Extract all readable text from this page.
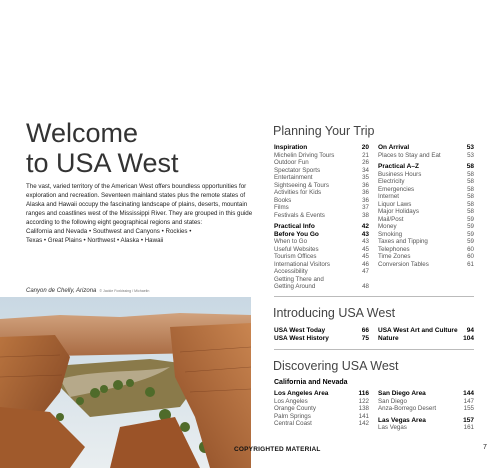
Welcome
to USA West
The vast, varied territory of the American West offers boundless opportunities for exploration and recreation. Seventeen mainland states plus the remote states of Alaska and Hawaii occupy the fascinating landscape of plains, deserts, mountain ranges and coastlines west of the Mississippi River. They are grouped in this guide according to the following eight geographical regions and states:
California and Nevada • Southwest and Canyons • Rockies •
Texas • Great Plains • Northwest • Alaska • Hawaii
Canyon de Chelly, Arizona © Jackie Foxkissing / Michaelin
Planning Your Trip
Inspiration	20
Michelin Driving Tours	21
Outdoor Fun	26
Spectator Sports	34
Entertainment	35
Sightseeing & Tours	36
Activities for Kids	36
Books	36
Films	37
Festivals & Events	38
Practical Info	42
Before You Go	43
When to Go	43
Useful Websites	45
Tourism Offices	45
International Visitors	46
Accessibility	47
Getting There and
Getting Around	48
On Arrival	53
Places to Stay and Eat	53
Practical A–Z	58
Business Hours	58
Electricity	58
Emergencies	58
Internet	58
Liquor Laws	58
Major Holidays	58
Mail/Post	59
Money	59
Smoking	59
Taxes and Tipping	59
Telephones	60
Time Zones	60
Conversion Tables	61
Introducing USA West
USA West Today	66
USA West History	75
USA West Art and Culture	94
Nature	104
Discovering USA West
California and Nevada
Los Angeles Area	116
Los Angeles	122
Orange County	138
Palm Springs	141
Central Coast	142
San Diego Area	144
San Diego	147
Anza-Borrego Desert	155
Las Vegas Area	157
Las Vegas	161
COPYRIGHTED MATERIAL	7
